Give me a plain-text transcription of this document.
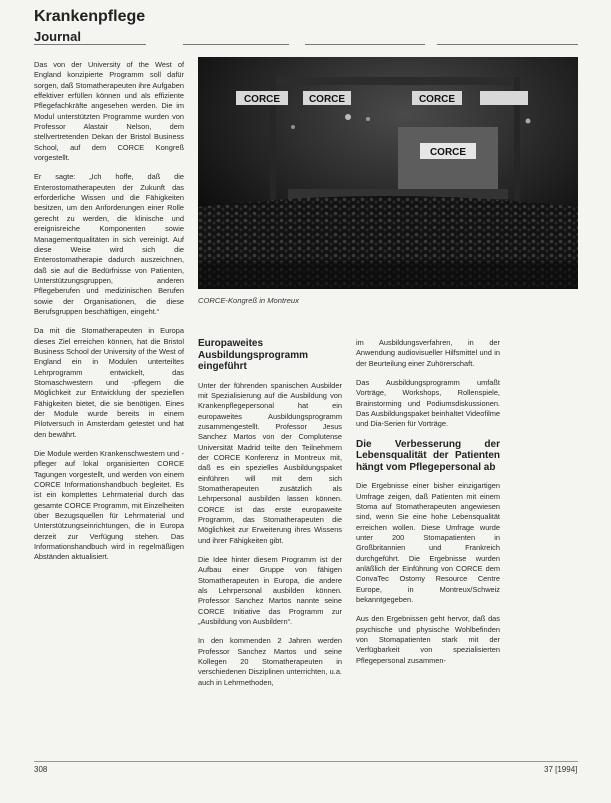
Krankenpflege
Journal

Das von der University of the West of England konzipierte Programm soll dafür sorgen, daß Stomatherapeuten ihre Aufgaben effektiver erfüllen können und als effiziente Pflegefachkräfte angesehen werden. Die im Modul unterstützten Programme wurden von Professor Alastair Nelson, dem stellvertretenden Dekan der Bristol Business School, auf dem CORCE Kongreß vorgestellt.

Er sagte: „Ich hoffe, daß die Enterostomatherapeuten der Zukunft das erforderliche Wissen und die Fähigkeiten besitzen, um den Anforderungen einer Rolle gerecht zu werden, die klinische und ereignisreiche Komponenten sowie Managementqualitäten in sich vereinigt. Auf diese Weise wird sich die Enterostomatherapie dadurch auszeichnen, daß sie auf die Bedürfnisse von Patienten, Unterstützungsgruppen, anderen Pflegeberufen und medizinischen Berufen sowie der Organisationen, die diese Berufsgruppen beschäftigen, eingeht.“

Da mit die Stomatherapeuten in Europa dieses Ziel erreichen können, hat die Bristol Business School der University of the West of England ein in Modulen unterteiltes Lehrprogramm entwickelt, das Stomaschwestern und -pflegern die Möglichkeit zur Entwicklung der speziellen Fähigkeiten bietet, die sie benötigen. Eines der Module wurde bereits in einem Pilotversuch in Amsterdam getestet und hat den bewährt.

Die Module werden Krankenschwestern und -pfleger auf lokal organisierten CORCE Tagungen vorgestellt, und werden von einem CORCE Informationshandbuch begleitet. Es ist ein komplettes Lehrmaterial durch das gesamte CORCE Programm, mit Einzelheiten über Bezugsquellen für Lehrmaterial und Unterstützungseinrichtungen, die in Europa derzeit zur Verfügung stehen. Das Informationshandbuch wird in regelmäßigen Abständen aktualisiert.

CORCE	CORCE	CORCE
CORCE

CORCE-Kongreß in Montreux

Europaweites Ausbildungsprogramm eingeführt

Unter der führenden spanischen Ausbilder mit Spezialisierung auf die Ausbildung von Krankenpflegepersonal hat ein europaweites Ausbildungsprogramm zusammengestellt. Professor Jesus Sanchez Martos von der Complutense Universität Madrid teilte den Teilnehmern der CORCE Konferenz in Montreux mit, daß es ein spezielles Ausbildungspaket einführen will mit dem sich Stomatherapeuten zusätzlich als Lehrpersonal ausbilden lassen können. CORCE ist das erste europaweite Programm, das Stomatherapeuten die Möglichkeit zur Erweiterung ihres Wissens und ihrer Fähigkeiten gibt.

Die Idee hinter diesem Programm ist der Aufbau einer Gruppe von fähigen Stomatherapeuten in Europa, die andere als Lehrpersonal ausbilden können. Professor Sanchez Martos nannte seine CORCE Initiative das Programm zur „Ausbildung von Ausbildern“.

In den kommenden 2 Jahren werden Professor Sanchez Martos und seine Kollegen 20 Stomatherapeuten in verschiedenen Disziplinen unterrichten, u.a. auch in Lehrmethoden,

im Ausbildungsverfahren, in der Anwendung audiovisueller Hilfsmittel und in der Beurteilung einer Zuhörerschaft.

Das Ausbildungsprogramm umfaßt Vorträge, Workshops, Rollenspiele, Brainstorming und Podiumsdiskussionen. Das Ausbildungspaket beinhaltet Videofilme und Dia-Serien für Vorträge.

Die Verbesserung der Lebensqualität der Patienten hängt vom Pflegepersonal ab

Die Ergebnisse einer bisher einzigartigen Umfrage zeigen, daß Patienten mit einem Stoma auf Stomatherapeuten angewiesen sind, wenn Sie eine hohe Lebensqualität erreichen wollen. Diese Umfrage wurde unter 200 Stomapatienten in Großbritannien und Frankreich durchgeführt. Die Ergebnisse wurden anläßlich der Einführung von CORCE dem ConvaTec Ostomy Resource Centre Europe, in Montreux/Schweiz bekanntgegeben.

Aus den Ergebnissen geht hervor, daß das psychische und physische Wohlbefinden von Stomapatienten stark mit der Verfügbarkeit von spezialisierten Pflegepersonal zusammen-

308	37 [1994]
